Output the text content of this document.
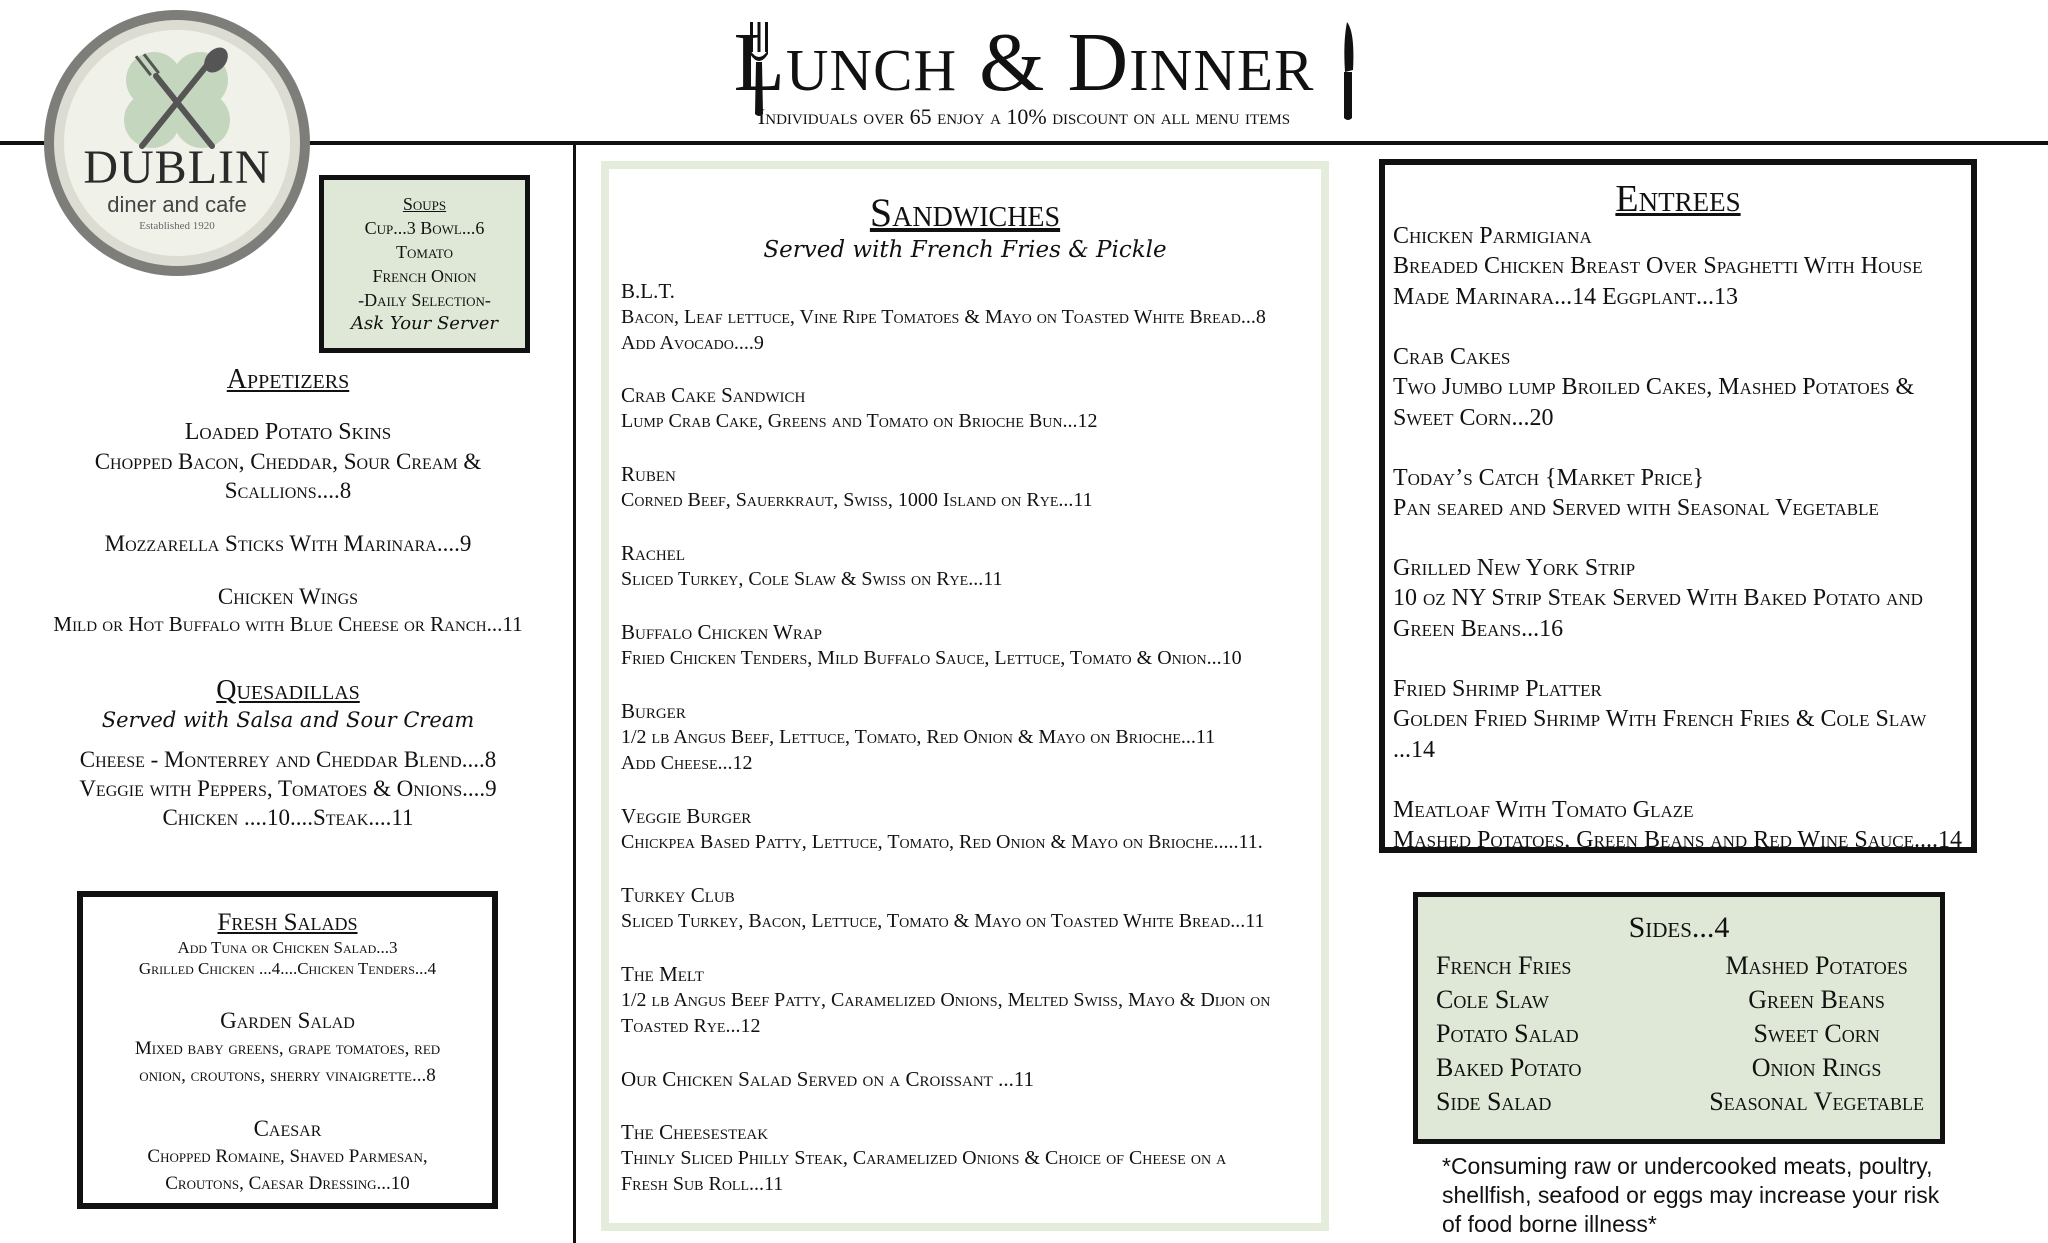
Lunch & Dinner
Individuals over 65 enjoy a 10% discount on all menu items
DUBLIN
diner and cafe
Established 1920
Soups
Cup...3 Bowl...6
Tomato
French Onion
-Daily Selection-
Ask Your Server
Appetizers
Loaded Potato Skins
Chopped Bacon, Cheddar, Sour Cream &
Scallions....8
Mozzarella Sticks With Marinara....9
Chicken Wings
Mild or Hot Buffalo with Blue Cheese or Ranch...11
Quesadillas
Served with Salsa and Sour Cream
Cheese - Monterrey and Cheddar Blend....8
Veggie with Peppers, Tomatoes & Onions....9
Chicken ....10....Steak....11
Fresh Salads
Add Tuna or Chicken Salad...3
Grilled Chicken ...4....Chicken Tenders...4
Garden Salad
Mixed baby greens, grape tomatoes, red
onion, croutons, sherry vinaigrette...8
Caesar
Chopped Romaine, Shaved Parmesan,
Croutons, Caesar Dressing...10
Sandwiches
Served with French Fries & Pickle
B.L.T.
Bacon, Leaf lettuce, Vine Ripe Tomatoes & Mayo on Toasted White Bread...8
Add Avocado....9
Crab Cake Sandwich
Lump Crab Cake, Greens and Tomato on Brioche Bun...12
Ruben
Corned Beef, Sauerkraut, Swiss, 1000 Island on Rye...11
Rachel
Sliced Turkey, Cole Slaw & Swiss on Rye...11
Buffalo Chicken Wrap
Fried Chicken Tenders, Mild Buffalo Sauce, Lettuce, Tomato & Onion...10
Burger
1/2 lb Angus Beef, Lettuce, Tomato, Red Onion & Mayo on Brioche...11
Add Cheese...12
Veggie Burger
Chickpea Based Patty, Lettuce, Tomato, Red Onion & Mayo on Brioche.....11.
Turkey Club
Sliced Turkey, Bacon, Lettuce, Tomato & Mayo on Toasted White Bread...11
The Melt
1/2 lb Angus Beef Patty, Caramelized Onions, Melted Swiss, Mayo & Dijon on
Toasted Rye...12
Our Chicken Salad Served on a Croissant ...11
The Cheesesteak
Thinly Sliced Philly Steak, Caramelized Onions & Choice of Cheese on a
Fresh Sub Roll...11
Entrees
Chicken Parmigiana
Breaded Chicken Breast Over Spaghetti With House
Made Marinara...14 Eggplant...13
Crab Cakes
Two Jumbo lump Broiled Cakes, Mashed Potatoes &
Sweet Corn...20
Today’s Catch {Market Price}
Pan seared and Served with Seasonal Vegetable
Grilled New York Strip
10 oz NY Strip Steak Served With Baked Potato and
Green Beans...16
Fried Shrimp Platter
Golden Fried Shrimp With French Fries & Cole Slaw ...14
Meatloaf With Tomato Glaze
Mashed Potatoes, Green Beans and Red Wine Sauce....14
Sides...4
French Fries
Cole Slaw
Potato Salad
Baked Potato
Side Salad
Mashed Potatoes
Green Beans
Sweet Corn
Onion Rings
Seasonal Vegetable
*Consuming raw or undercooked meats, poultry, shellfish, seafood or eggs may increase your risk of food borne illness*
